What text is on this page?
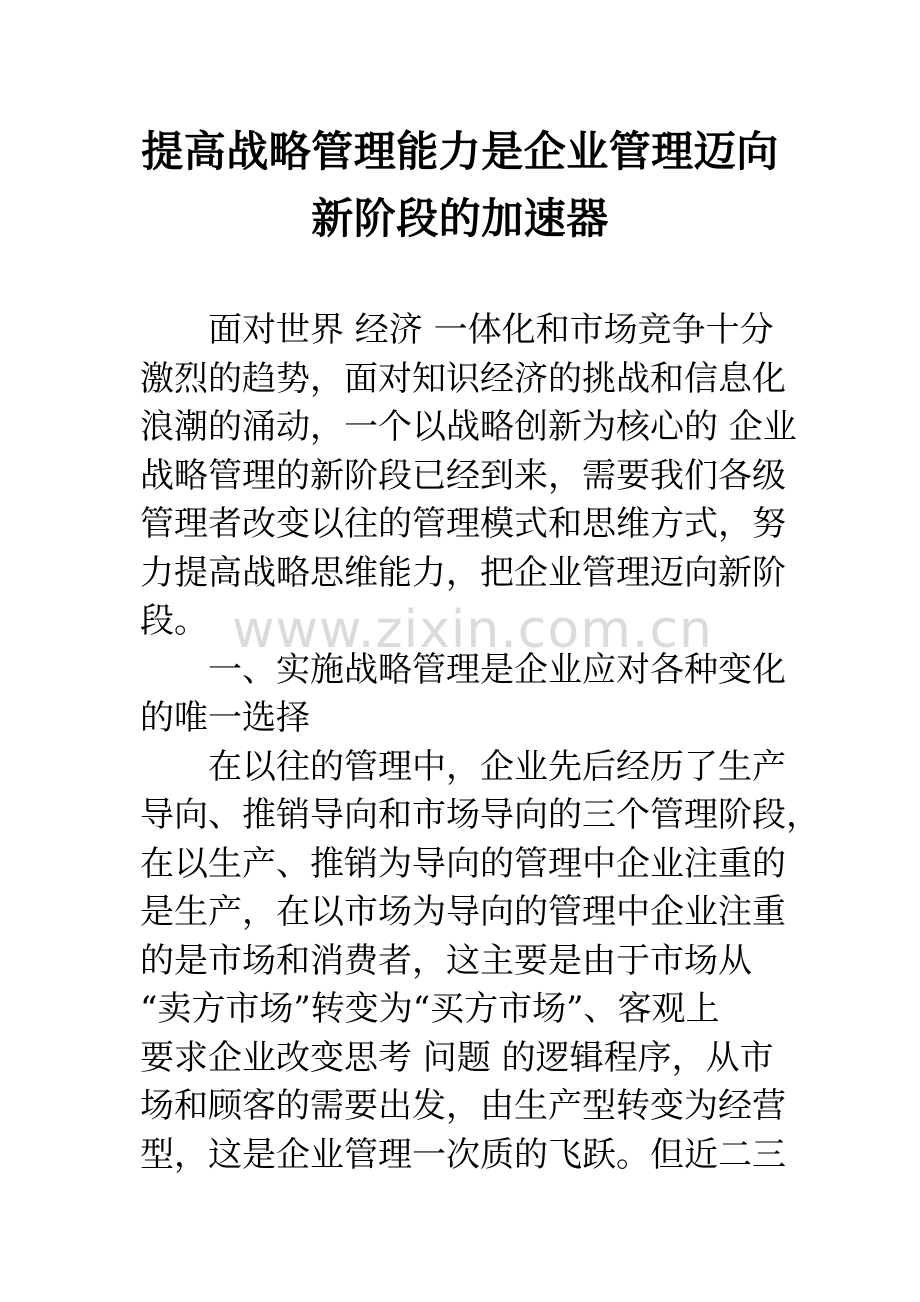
提高战略管理能力是企业管理迈向
新阶段的加速器
面对世界 经济 一体化和市场竞争十分
激烈的趋势，面对知识经济的挑战和信息化
浪潮的涌动，一个以战略创新为核心的 企业
战略管理的新阶段已经到来，需要我们各级
管理者改变以往的管理模式和思维方式，努
力提高战略思维能力，把企业管理迈向新阶
段。
一、实施战略管理是企业应对各种变化
的唯一选择
在以往的管理中，企业先后经历了生产
导向、推销导向和市场导向的三个管理阶段，
在以生产、推销为导向的管理中企业注重的
是生产，在以市场为导向的管理中企业注重
的是市场和消费者，这主要是由于市场从
“卖方市场”转变为“买方市场”、客观上
要求企业改变思考 问题 的逻辑程序，从市
场和顾客的需要出发，由生产型转变为经营
型，这是企业管理一次质的飞跃。但近二三
www.zixin.com.cn
